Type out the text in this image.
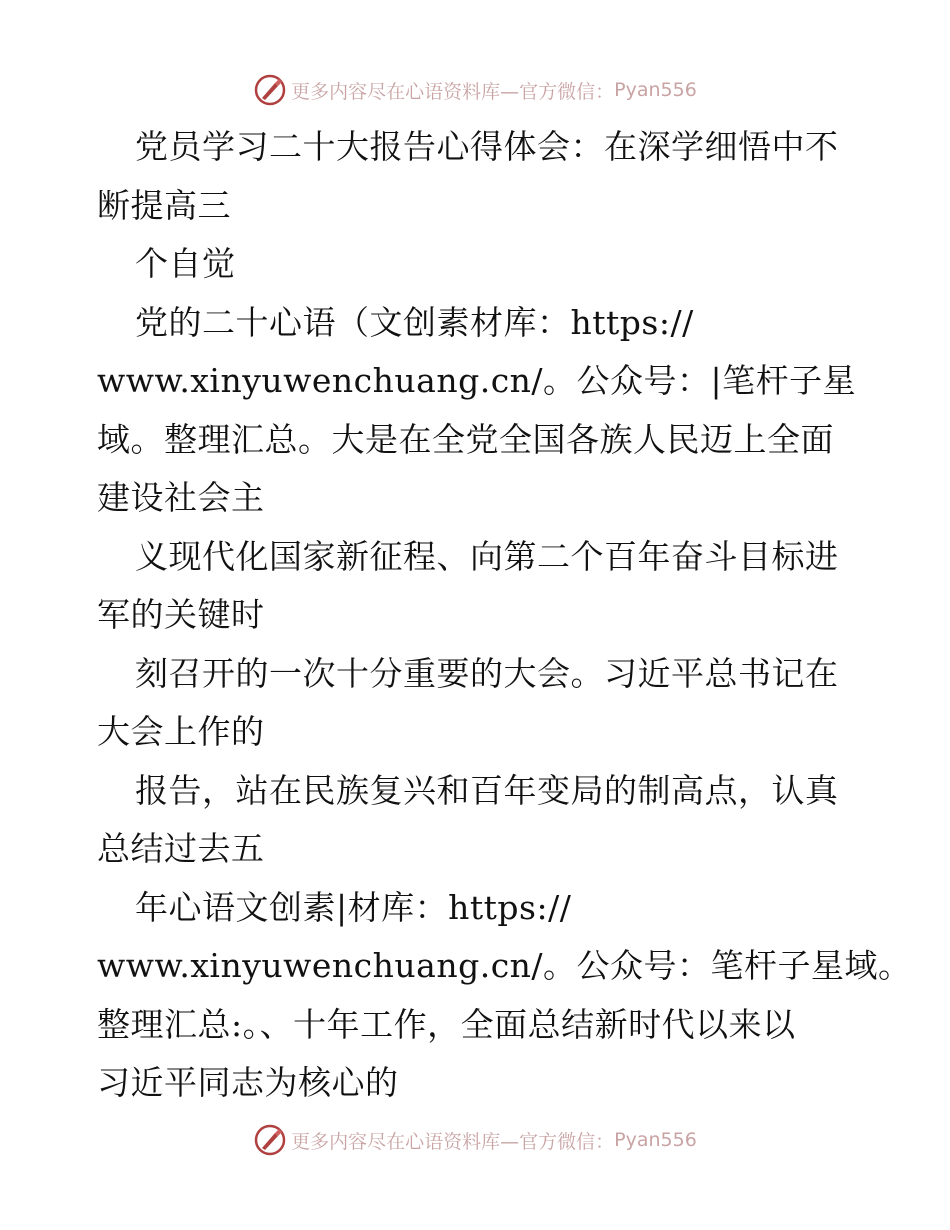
更多内容尽在心语资料库—官方微信： Pyan556
党员学习二十大报告心得体会：在深学细悟中不
断提高三
个自觉
党的二十心语（文创素材库：https://
www.xinyuwenchuang.cn/。公众号：|笔杆子星
域。整理汇总。大是在全党全国各族人民迈上全面
建设社会主
义现代化国家新征程、向第二个百年奋斗目标进
军的关键时
刻召开的一次十分重要的大会。习近平总书记在
大会上作的
报告，站在民族复兴和百年变局的制高点，认真
总结过去五
年心语文创素|材库：https://
www.xinyuwenchuang.cn/。公众号：笔杆子星域。
整理汇总:。、十年工作，全面总结新时代以来以
习近平同志为核心的
更多内容尽在心语资料库—官方微信： Pyan556
